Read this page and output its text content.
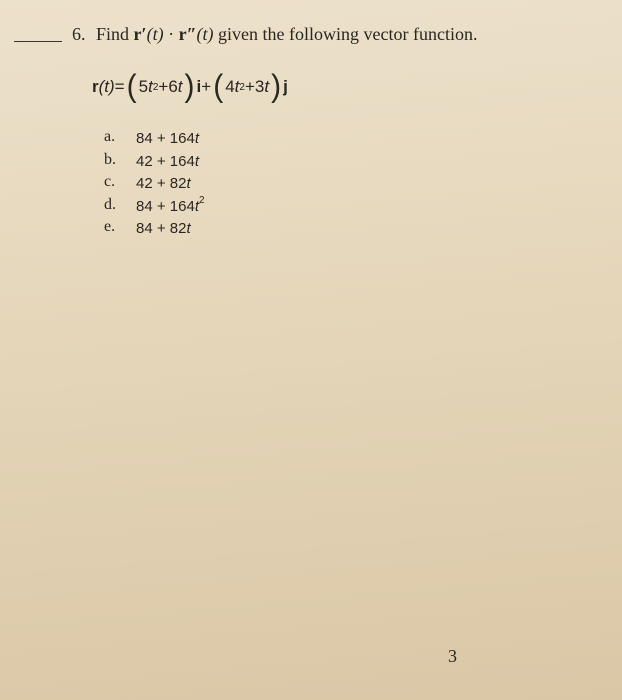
6. Find r′(t) · r″(t) given the following vector function.
r (t) = ( 5 t 2 + 6 t ) i + ( 4 t 2 + 3 t ) j
a.	84 + 164t
b.	42 + 164t
c.	42 + 82t
d.	$84 + 164t^2$
e.	84 + 82t
3
